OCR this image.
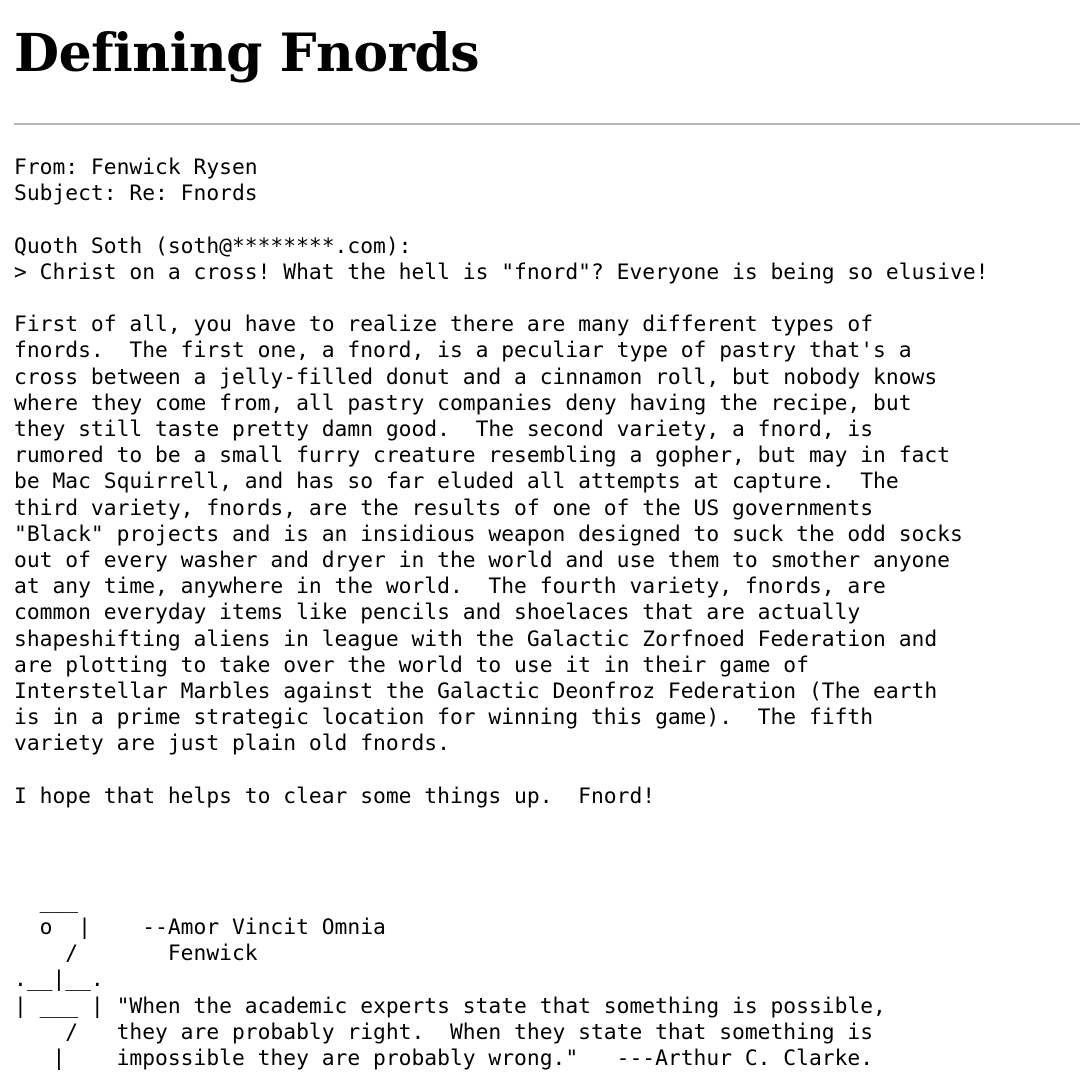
Defining Fnords
From: Fenwick Rysen
Subject: Re: Fnords

Quoth Soth (soth@********.com):
> Christ on a cross! What the hell is "fnord"? Everyone is being so elusive!

First of all, you have to realize there are many different types of
fnords.  The first one, a fnord, is a peculiar type of pastry that's a
cross between a jelly-filled donut and a cinnamon roll, but nobody knows
where they come from, all pastry companies deny having the recipe, but
they still taste pretty damn good.  The second variety, a fnord, is
rumored to be a small furry creature resembling a gopher, but may in fact
be Mac Squirrell, and has so far eluded all attempts at capture.  The
third variety, fnords, are the results of one of the US governments
"Black" projects and is an insidious weapon designed to suck the odd socks
out of every washer and dryer in the world and use them to smother anyone
at any time, anywhere in the world.  The fourth variety, fnords, are
common everyday items like pencils and shoelaces that are actually
shapeshifting aliens in league with the Galactic Zorfnoed Federation and
are plotting to take over the world to use it in their game of
Interstellar Marbles against the Galactic Deonfroz Federation (The earth
is in a prime strategic location for winning this game).  The fifth
variety are just plain old fnords.

I hope that helps to clear some things up.  Fnord!

___
o  |    --Amor Vincit Omnia
/       Fenwick
.__|__.
| ___ | "When the academic experts state that something is possible,
/   they are probably right.  When they state that something is
|    impossible they are probably wrong."   ---Arthur C. Clarke.
